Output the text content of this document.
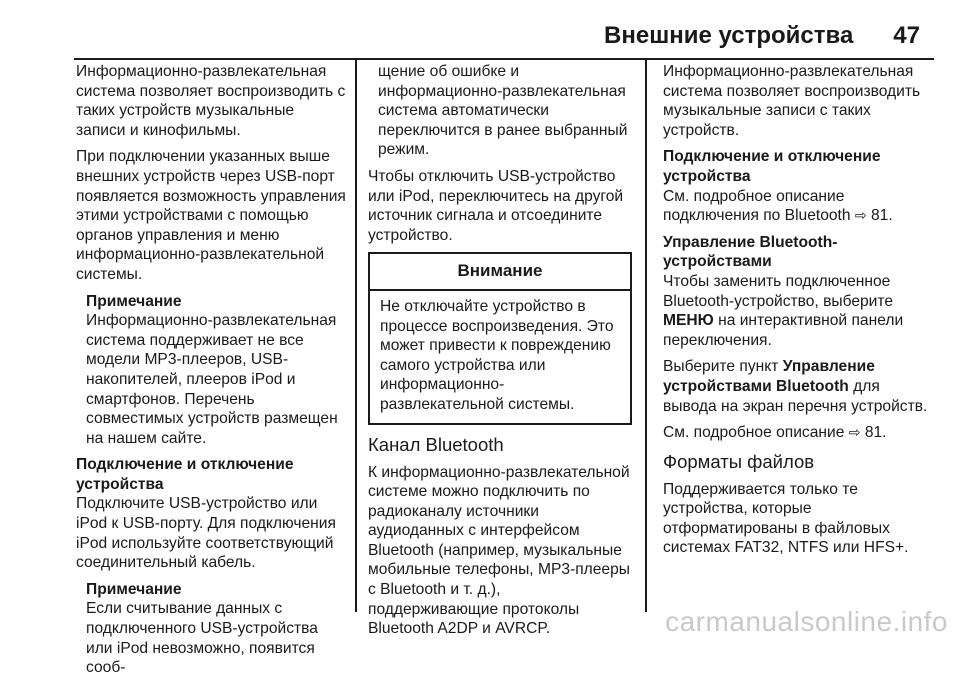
Внешние устройства 47

Информационно-развлекательная система позволяет воспроизводить с таких устройств музыкальные записи и кинофильмы.

При подключении указанных выше внешних устройств через USB-порт появляется возможность управления этими устройствами с помощью органов управления и меню информационно-развлекательной системы.

Примечание

Информационно-развлекательная система поддерживает не все модели МР3-плееров, USB-накопителей, плееров iPod и смартфонов. Перечень совместимых устройств размещен на нашем сайте.

Подключение и отключение устройства

Подключите USB-устройство или iPod к USB-порту. Для подключения iPod используйте соответствующий соединительный кабель.

Примечание

Если считывание данных с подключенного USB-устройства или iPod невозможно, появится сооб-

щение об ошибке и информационно-развлекательная система автоматически переключится в ранее выбранный режим.

Чтобы отключить USB-устройство или iPod, переключитесь на другой источник сигнала и отсоедините устройство.

Внимание
Не отключайте устройство в процессе воспроизведения. Это может привести к повреждению самого устройства или информационно-развлекательной системы.
Канал Bluetooth

К информационно-развлекательной системе можно подключить по радиоканалу источники аудиоданных с интерфейсом Bluetooth (например, музыкальные мобильные телефоны, МР3-плееры с Bluetooth и т. д.), поддерживающие протоколы Bluetooth A2DP и AVRCP.

Информационно-развлекательная система позволяет воспроизводить музыкальные записи с таких устройств.

Подключение и отключение устройства

См. подробное описание подключения по Bluetooth ⇨ 81.

Управление Bluetooth-устройствами

Чтобы заменить подключенное Bluetooth-устройство, выберите МЕНЮ на интерактивной панели переключения.

Выберите пункт Управление устройствами Bluetooth для вывода на экран перечня устройств.

См. подробное описание ⇨ 81.

Форматы файлов

Поддерживается только те устройства, которые отформатированы в файловых системах FAT32, NTFS или HFS+.

carmanualsonline.info
